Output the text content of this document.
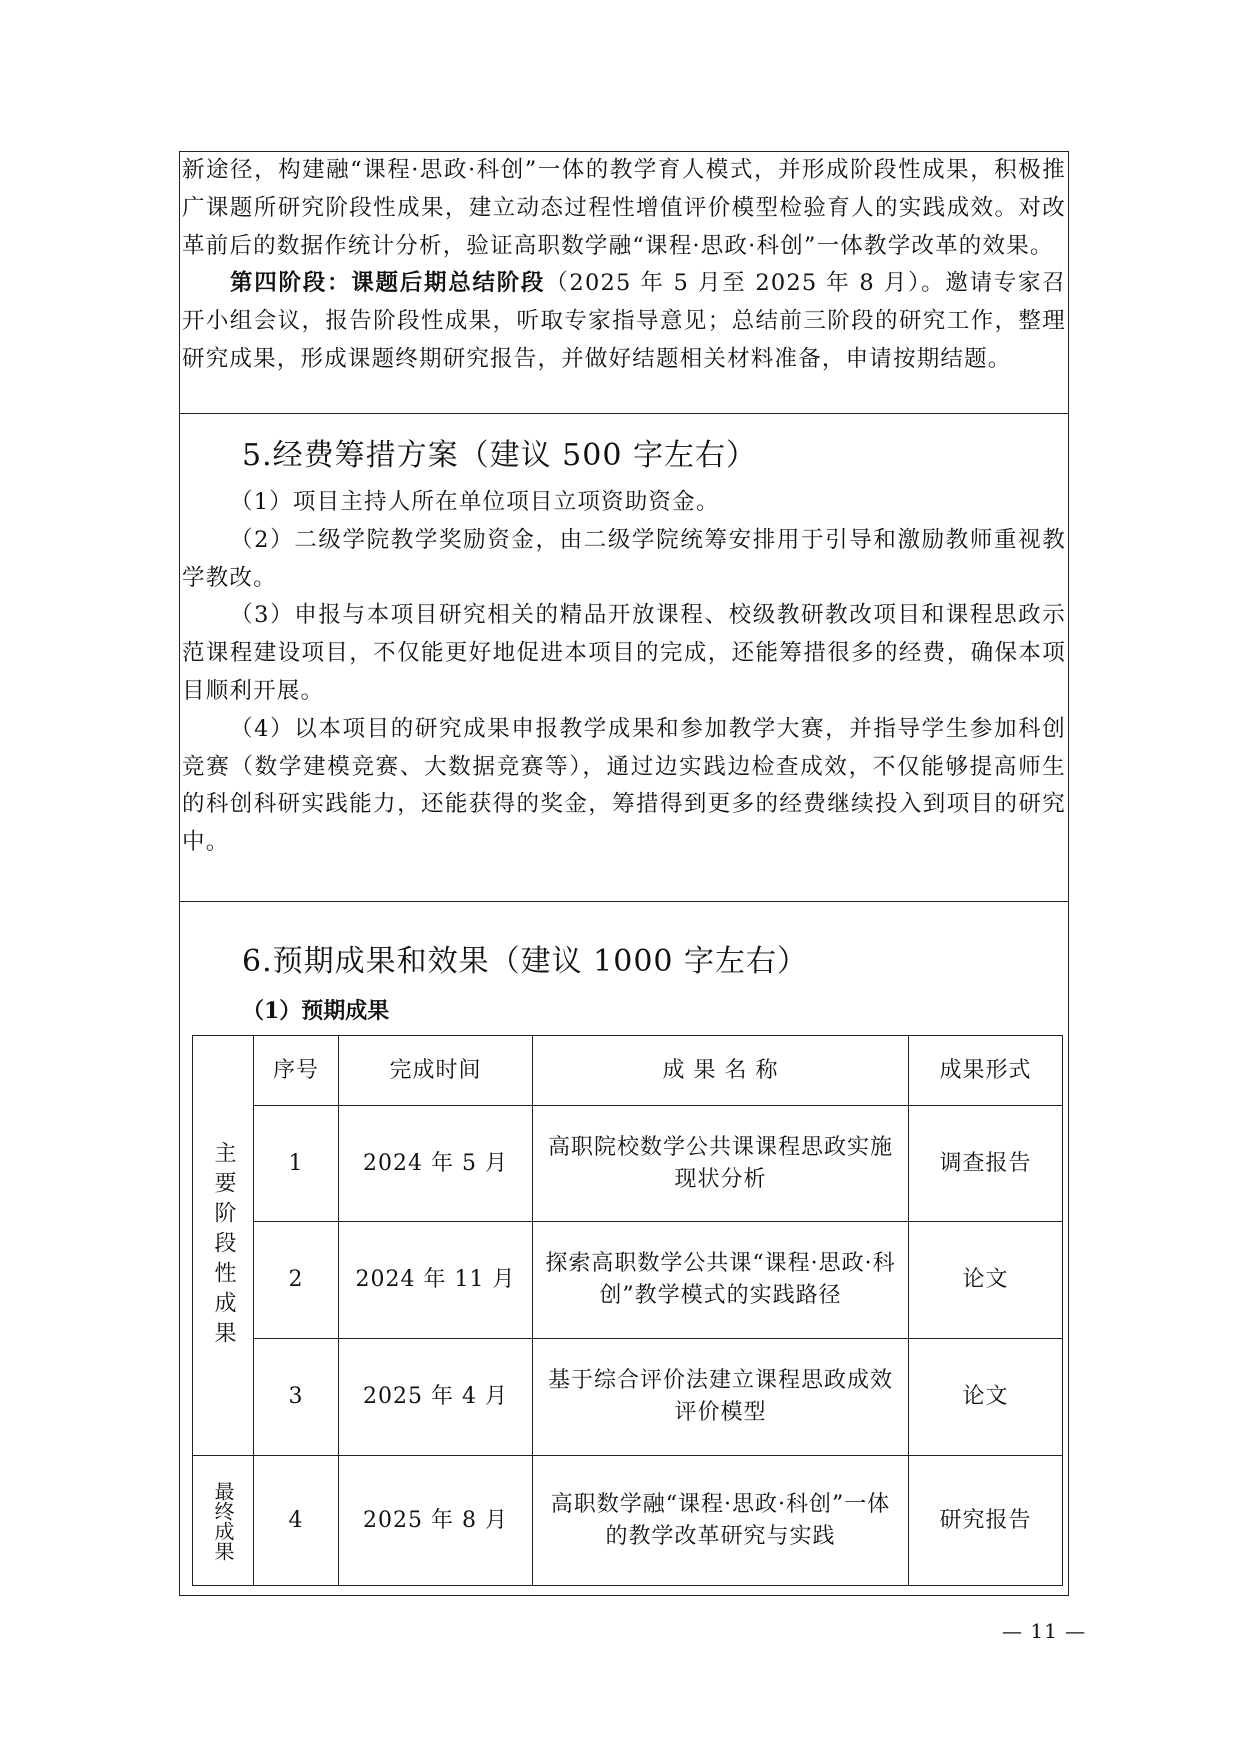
新途径，构建融“课程·思政·科创”一体的教学育人模式，并形成阶段性成果，积极推广课题所研究阶段性成果，建立动态过程性增值评价模型检验育人的实践成效。对改革前后的数据作统计分析，验证高职数学融“课程·思政·科创”一体教学改革的效果。

第四阶段：课题后期总结阶段（2025 年 5 月至 2025 年 8 月）。邀请专家召开小组会议，报告阶段性成果，听取专家指导意见；总结前三阶段的研究工作，整理研究成果，形成课题终期研究报告，并做好结题相关材料准备，申请按期结题。

5.经费筹措方案（建议 500 字左右）

（1）项目主持人所在单位项目立项资助资金。

（2）二级学院教学奖励资金，由二级学院统筹安排用于引导和激励教师重视教学教改。

（3）申报与本项目研究相关的精品开放课程、校级教研教改项目和课程思政示范课程建设项目，不仅能更好地促进本项目的完成，还能筹措很多的经费，确保本项目顺利开展。

（4）以本项目的研究成果申报教学成果和参加教学大赛，并指导学生参加科创竞赛（数学建模竞赛、大数据竞赛等），通过边实践边检查成效，不仅能够提高师生的科创科研实践能力，还能获得的奖金，筹措得到更多的经费继续投入到项目的研究中。

6.预期成果和效果（建议 1000 字左右）
（1）预期成果
主要阶段性成果	序号	完成时间	成 果 名 称	成果形式
	1	2024 年 5 月	高职院校数学公共课课程思政实施现状分析	调查报告
	2	2024 年 11 月	探索高职数学公共课“课程·思政·科创”教学模式的实践路径	论文
	3	2025 年 4 月	基于综合评价法建立课程思政成效评价模型	论文

最终成果	4	2025 年 8 月	高职数学融“课程·思政·科创”一体的教学改革研究与实践	研究报告
— 11 —
